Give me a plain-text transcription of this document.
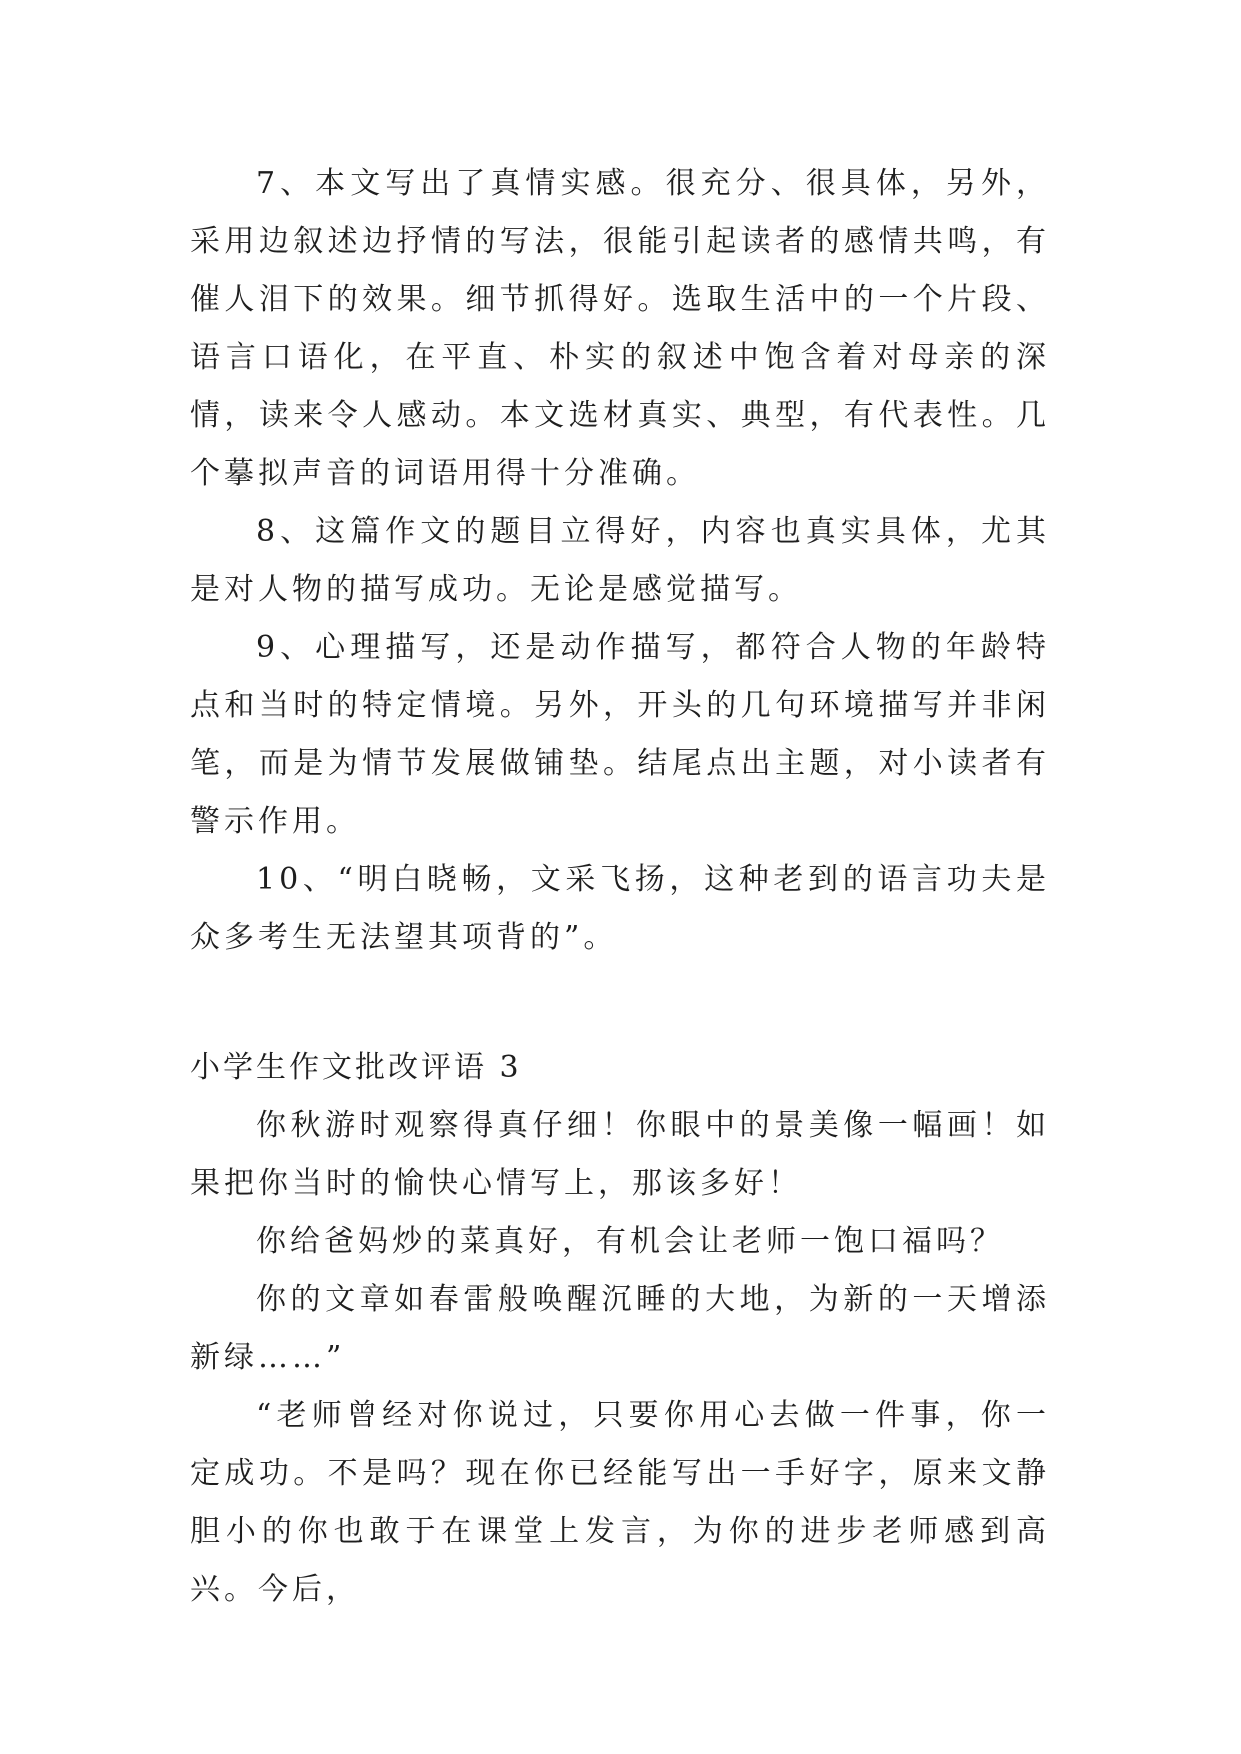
7、本文写出了真情实感。很充分、很具体，另外，采用边叙述边抒情的写法，很能引起读者的感情共鸣，有催人泪下的效果。细节抓得好。选取生活中的一个片段、语言口语化，在平直、朴实的叙述中饱含着对母亲的深情，读来令人感动。本文选材真实、典型，有代表性。几个摹拟声音的词语用得十分准确。

8、这篇作文的题目立得好，内容也真实具体，尤其是对人物的描写成功。无论是感觉描写。

9、心理描写，还是动作描写，都符合人物的年龄特点和当时的特定情境。另外，开头的几句环境描写并非闲笔，而是为情节发展做铺垫。结尾点出主题，对小读者有警示作用。

10、“明白晓畅，文采飞扬，这种老到的语言功夫是众多考生无法望其项背的”。

小学生作文批改评语 3

你秋游时观察得真仔细！你眼中的景美像一幅画！如果把你当时的愉快心情写上，那该多好！

你给爸妈炒的菜真好，有机会让老师一饱口福吗？

你的文章如春雷般唤醒沉睡的大地，为新的一天增添新绿……”

“老师曾经对你说过，只要你用心去做一件事，你一定成功。不是吗？现在你已经能写出一手好字，原来文静胆小的你也敢于在课堂上发言，为你的进步老师感到高兴。今后，
